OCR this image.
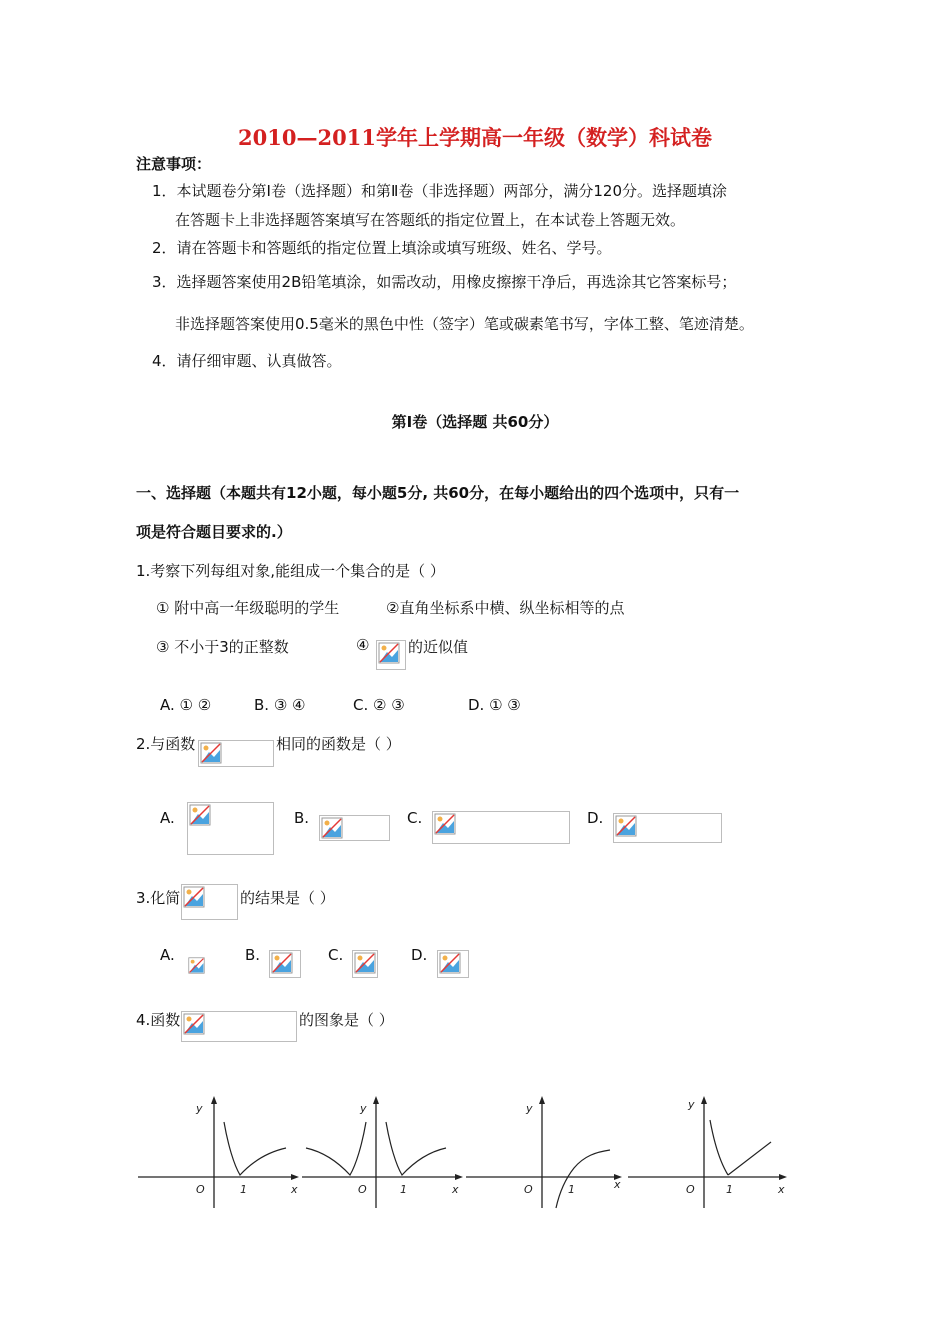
2010—2011学年上学期高一年级（数学）科试卷
注意事项：
1．本试题卷分第Ⅰ卷（选择题）和第Ⅱ卷（非选择题）两部分，满分120分。选择题填涂
在答题卡上非选择题答案填写在答题纸的指定位置上，在本试卷上答题无效。
2．请在答题卡和答题纸的指定位置上填涂或填写班级、姓名、学号。
3．选择题答案使用2B铅笔填涂，如需改动，用橡皮擦擦干净后，再选涂其它答案标号；
非选择题答案使用0.5毫米的黑色中性（签字）笔或碳素笔书写，字体工整、笔迹清楚。
4．请仔细审题、认真做答。
第Ⅰ卷（选择题 共60分）
一、选择题（本题共有12小题，每小题5分, 共60分，在每小题给出的四个选项中，只有一
项是符合题目要求的.）
1.考察下列每组对象,能组成一个集合的是（ ）
① 附中高一年级聪明的学生	②直角坐标系中横、纵坐标相等的点
③ 不小于3的正整数	④	的近似值
A. ① ②	B. ③ ④	C. ② ③	D. ① ③
2.与函数	相同的函数是（ ）
A.	B.	C.	D.
3.化简	的结果是（ ）
A.	B.	C.	D.
4.函数	的图象是（ ）
y
x
O	1
y
x
O	1
y
x
O	1
y
x
O	1
